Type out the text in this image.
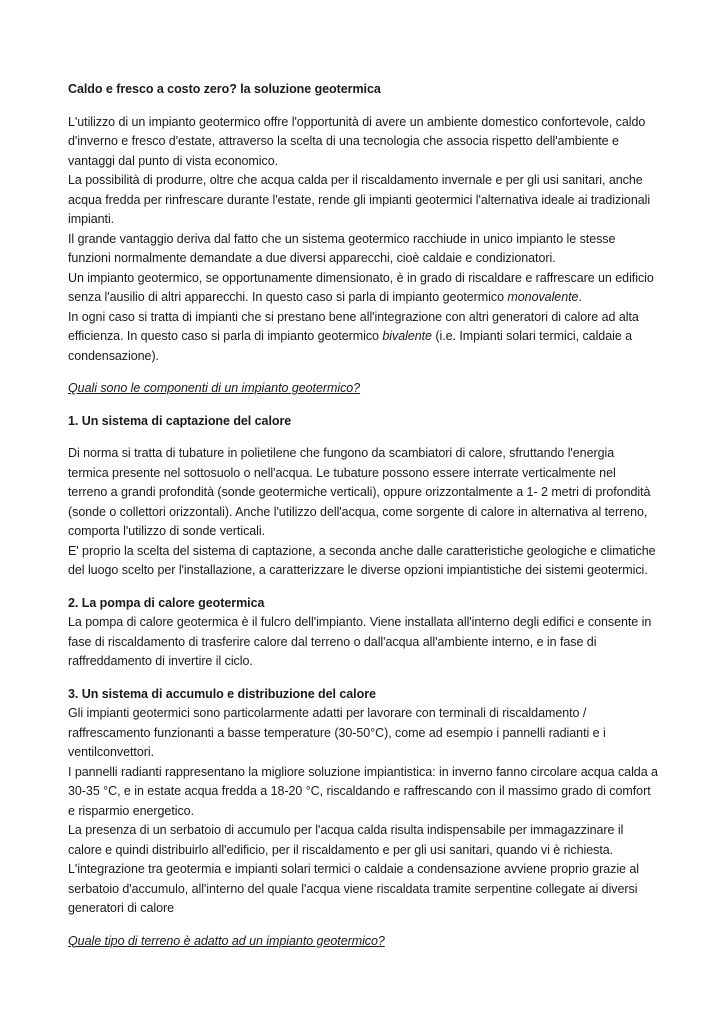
Caldo e fresco a costo zero? la soluzione geotermica

L'utilizzo di un impianto geotermico offre l'opportunità di avere un ambiente domestico confortevole, caldo d'inverno e fresco d'estate, attraverso la scelta di una tecnologia che associa rispetto dell'ambiente e vantaggi dal punto di vista economico.
La possibilità di produrre, oltre che acqua calda per il riscaldamento invernale e per gli usi sanitari, anche acqua fredda per rinfrescare durante l'estate, rende gli impianti geotermici l'alternativa ideale ai tradizionali impianti.
Il grande vantaggio deriva dal fatto che un sistema geotermico racchiude in unico impianto le stesse funzioni normalmente demandate a due diversi apparecchi, cioè caldaie e condizionatori.
Un impianto geotermico, se opportunamente dimensionato, è in grado di riscaldare e raffrescare un edificio senza l'ausilio di altri apparecchi. In questo caso si parla di impianto geotermico monovalente.
In ogni caso si tratta di impianti che si prestano bene all'integrazione con altri generatori di calore ad alta efficienza. In questo caso si parla di impianto geotermico bivalente (i.e. Impianti solari termici, caldaie a condensazione).

Quali sono le componenti di un impianto geotermico?

1. Un sistema di captazione del calore

Di norma si tratta di tubature in polietilene che fungono da scambiatori di calore, sfruttando l'energia termica presente nel sottosuolo o nell'acqua. Le tubature possono essere interrate verticalmente nel terreno a grandi profondità (sonde geotermiche verticali), oppure orizzontalmente a 1- 2 metri di profondità (sonde o collettori orizzontali). Anche l'utilizzo dell'acqua, come sorgente di calore in alternativa al terreno, comporta l'utilizzo di sonde verticali.
E' proprio la scelta del sistema di captazione, a seconda anche dalle caratteristiche geologiche e climatiche del luogo scelto per l'installazione, a caratterizzare le diverse opzioni impiantistiche dei sistemi geotermici.
2. La pompa di calore geotermica
La pompa di calore geotermica è il fulcro dell'impianto. Viene installata all'interno degli edifici e consente in fase di riscaldamento di trasferire calore dal terreno o dall'acqua all'ambiente interno, e in fase di raffreddamento di invertire il ciclo.
3. Un sistema di accumulo e distribuzione del calore
Gli impianti geotermici sono particolarmente adatti per lavorare con terminali di riscaldamento / raffrescamento funzionanti a basse temperature (30-50°C), come ad esempio i pannelli radianti e i ventilconvettori.
I pannelli radianti rappresentano la migliore soluzione impiantistica: in inverno fanno circolare acqua calda a 30-35 °C, e in estate acqua fredda a 18-20 °C, riscaldando e raffrescando con il massimo grado di comfort e risparmio energetico.
La presenza di un serbatoio di accumulo per l'acqua calda risulta indispensabile per immagazzinare il calore e quindi distribuirlo all'edificio, per il riscaldamento e per gli usi sanitari, quando vi è richiesta.
L'integrazione tra geotermia e impianti solari termici o caldaie a condensazione avviene proprio grazie al serbatoio d'accumulo, all'interno del quale l'acqua viene riscaldata tramite serpentine collegate ai diversi generatori di calore

Quale tipo di terreno è adatto ad un impianto geotermico?
